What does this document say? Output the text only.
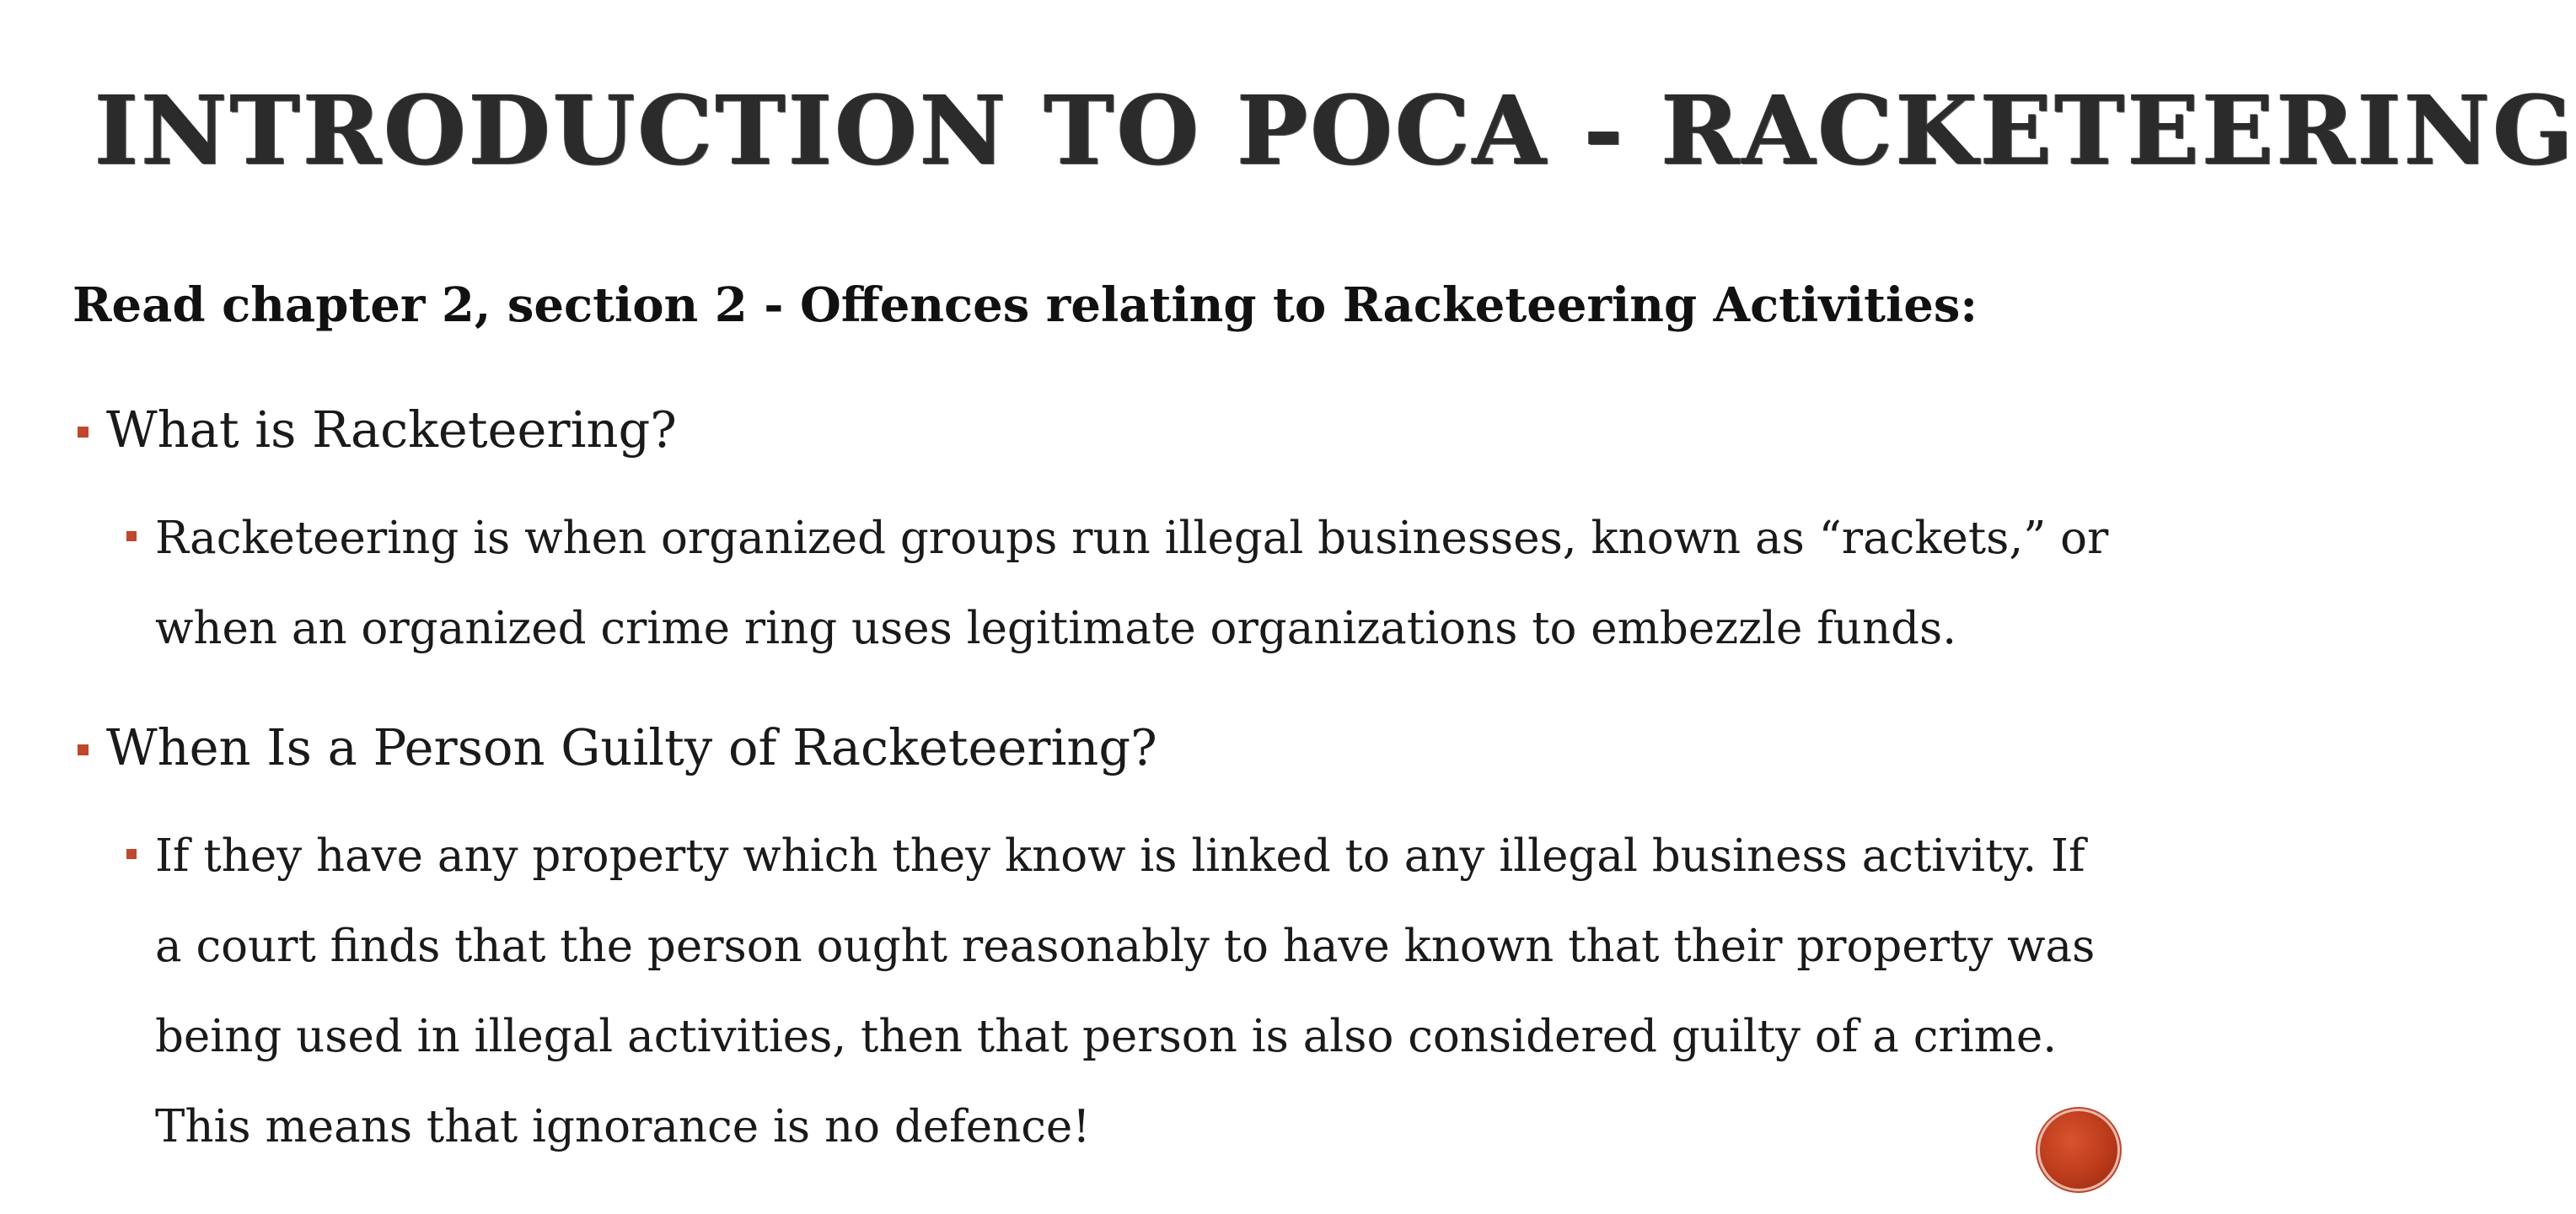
INTRODUCTION TO POCA - RACKETEERING

Read chapter 2, section 2 - Offences relating to Racketeering Activities:

What is Racketeering?

Racketeering is when organized groups run illegal businesses, known as “rackets,” or when an organized crime ring uses legitimate organizations to embezzle funds.

When Is a Person Guilty of Racketeering?

If they have any property which they know is linked to any illegal business activity. If a court finds that the person ought reasonably to have known that their property was being used in illegal activities, then that person is also considered guilty of a crime. This means that ignorance is no defence!
